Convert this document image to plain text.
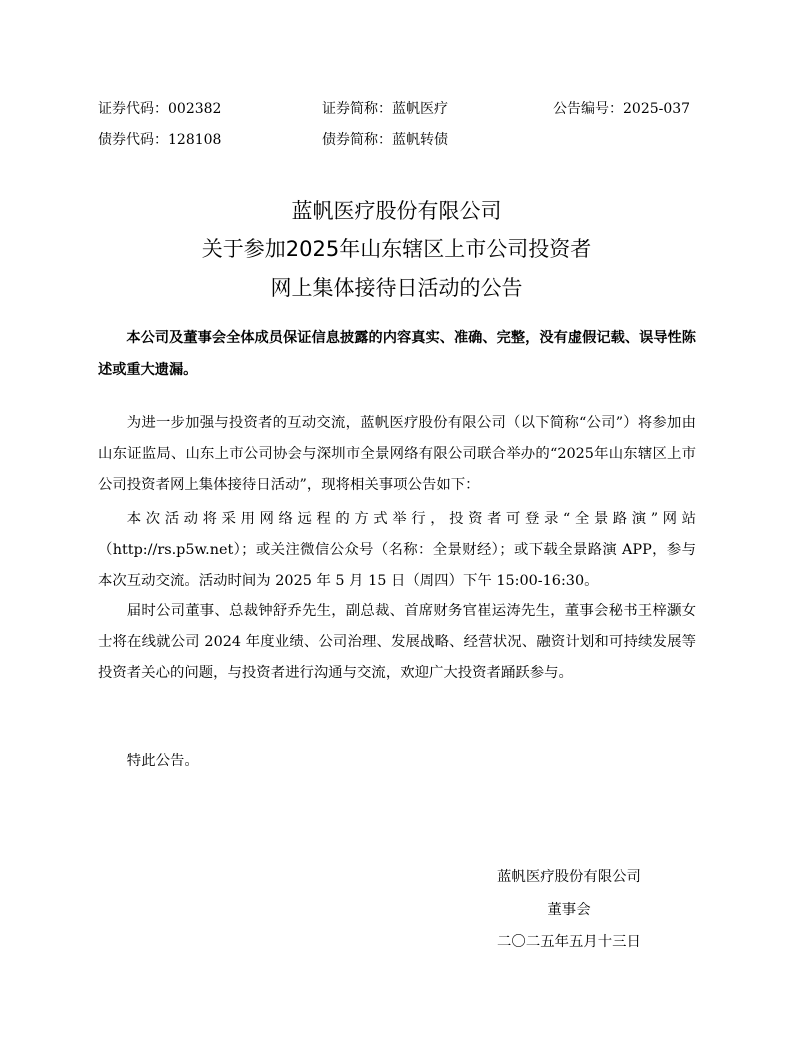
证券代码：002382	证券简称：蓝帆医疗	公告编号：2025-037
债券代码：128108	债券简称：蓝帆转债
蓝帆医疗股份有限公司
关于参加2025年山东辖区上市公司投资者
网上集体接待日活动的公告

本公司及董事会全体成员保证信息披露的内容真实、准确、完整，没有虚假记载、误导性陈述或重大遗漏。

为进一步加强与投资者的互动交流，蓝帆医疗股份有限公司（以下简称“公司”）将参加由山东证监局、山东上市公司协会与深圳市全景网络有限公司联合举办的“2025年山东辖区上市公司投资者网上集体接待日活动”，现将相关事项公告如下：

本次活动将采用网络远程的方式举行，投资者可登录“全景路演”网站（http://rs.p5w.net）；或关注微信公众号（名称：全景财经）；或下载全景路演 APP，参与本次互动交流。活动时间为 2025 年 5 月 15 日（周四）下午 15:00-16:30。

届时公司董事、总裁钟舒乔先生，副总裁、首席财务官崔运涛先生，董事会秘书王梓灏女士将在线就公司 2024 年度业绩、公司治理、发展战略、经营状况、融资计划和可持续发展等投资者关心的问题，与投资者进行沟通与交流，欢迎广大投资者踊跃参与。

特此公告。

蓝帆医疗股份有限公司
董事会
二〇二五年五月十三日
